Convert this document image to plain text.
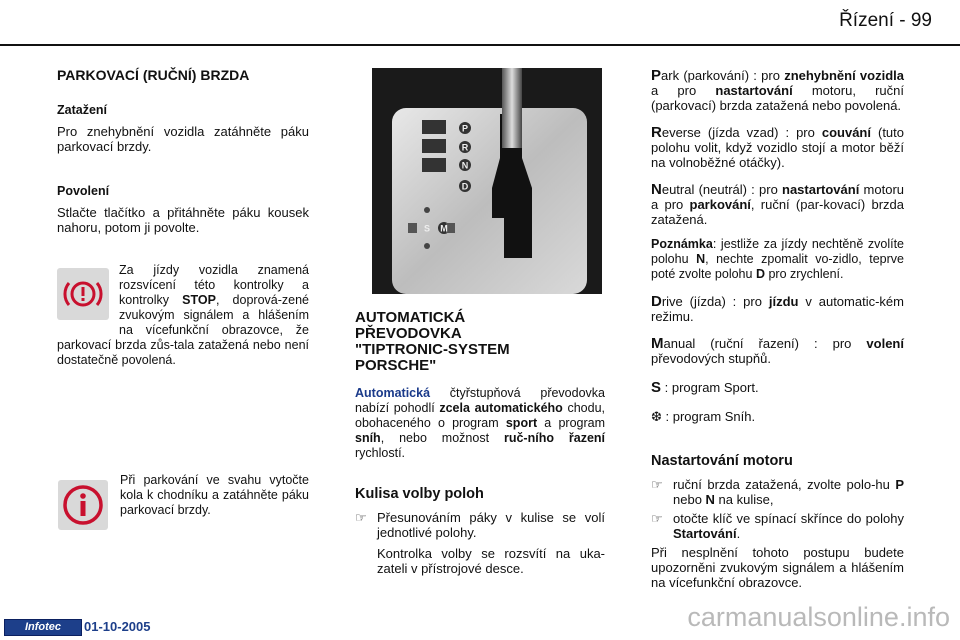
Řízení - 99

PARKOVACÍ (RUČNÍ) BRZDA

Zatažení

Pro znehybnění vozidla zatáhněte páku parkovací brzdy.

Povolení

Stlačte tlačítko a přitáhněte páku kousek nahoru, potom ji povolte.

Za jízdy vozidla znamená rozsvícení této kontrolky a kontrolky STOP, doprová-zené zvukovým signálem a hlášením na vícefunkční obrazovce, že parkovací brzda zůs-tala zatažená nebo není dostatečně povolená.
Při parkování ve svahu vytočte kola k chodníku a zatáhněte páku parkovací brzdy.
P
R
N
D
M
S

AUTOMATICKÁ

PŘEVODOVKA

"TIPTRONIC-SYSTEM

PORSCHE"

Automatická čtyřstupňová převodovka nabízí pohodlí zcela automatického chodu, obohaceného o program sport a program sníh, nebo možnost ruč-ního řazení rychlostí.

Kulisa volby poloh

☞ Přesunováním páky v kulise se volí jednotlivé polohy.

Kontrolka volby se rozsvítí na uka-zateli v přístrojové desce.

Park (parkování) : pro znehybnění vozidla a pro nastartování motoru, ruční (parkovací) brzda zatažená nebo povolená.

Reverse (jízda vzad) : pro couvání (tuto polohu volit, když vozidlo stojí a motor běží na volnoběžné otáčky).

Neutral (neutrál) : pro nastartování motoru a pro parkování, ruční (par-kovací) brzda zatažená.

Poznámka: jestliže za jízdy nechtěně zvolíte polohu N, nechte zpomalit vo-zidlo, teprve poté zvolte polohu D pro zrychlení.

Drive (jízda) : pro jízdu v automatic-kém režimu.

Manual (ruční řazení) : pro volení převodových stupňů.

S : program Sport.

❆ : program Sníh.

Nastartování motoru

☞ ruční brzda zatažená, zvolte polo-hu P nebo N na kulise,
☞ otočte klíč ve spínací skřínce do polohy Startování.

Při nesplnění tohoto postupu budete upozorněni zvukovým signálem a hlášením na vícefunkční obrazovce.

Infotec	01-10-2005	carmanualsonline.info
